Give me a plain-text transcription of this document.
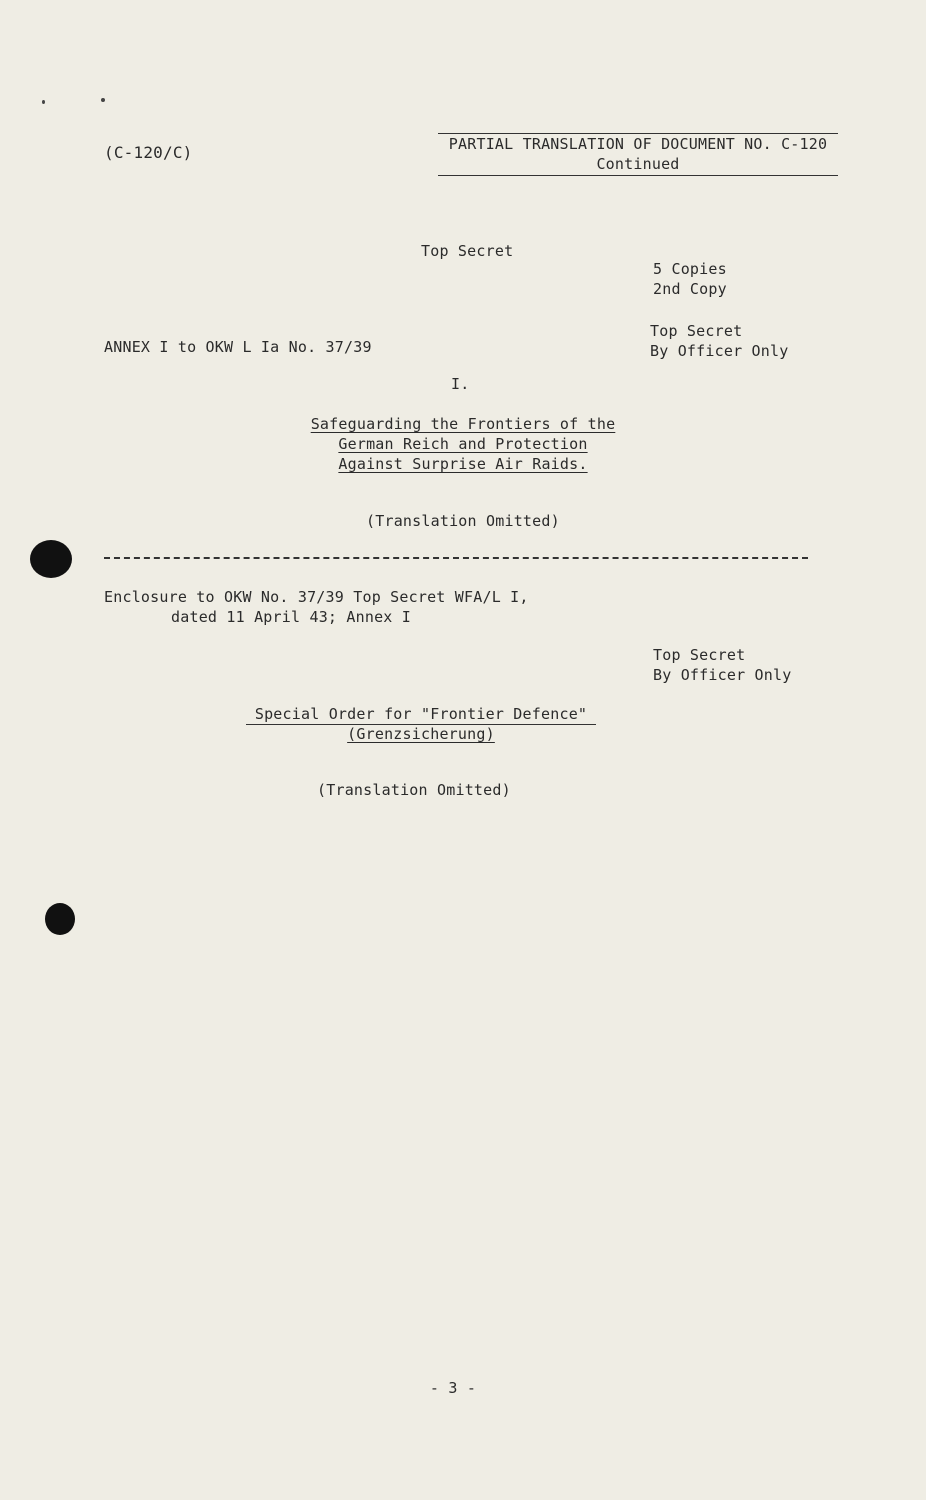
(C-120/C)	PARTIAL TRANSLATION OF DOCUMENT NO. C-120
Continued
Top Secret
5 Copies
2nd Copy
ANNEX I to OKW L Ia No. 37/39
Top Secret
By Officer Only
I.
Safeguarding the Frontiers of the
German Reich and Protection
Against Surprise Air Raids.
(Translation Omitted)
Enclosure to OKW No. 37/39 Top Secret WFA/L I,
dated 11 April 43; Annex I
Top Secret
By Officer Only
Special Order for "Frontier Defence"
(Grenzsicherung)
(Translation Omitted)
- 3 -
